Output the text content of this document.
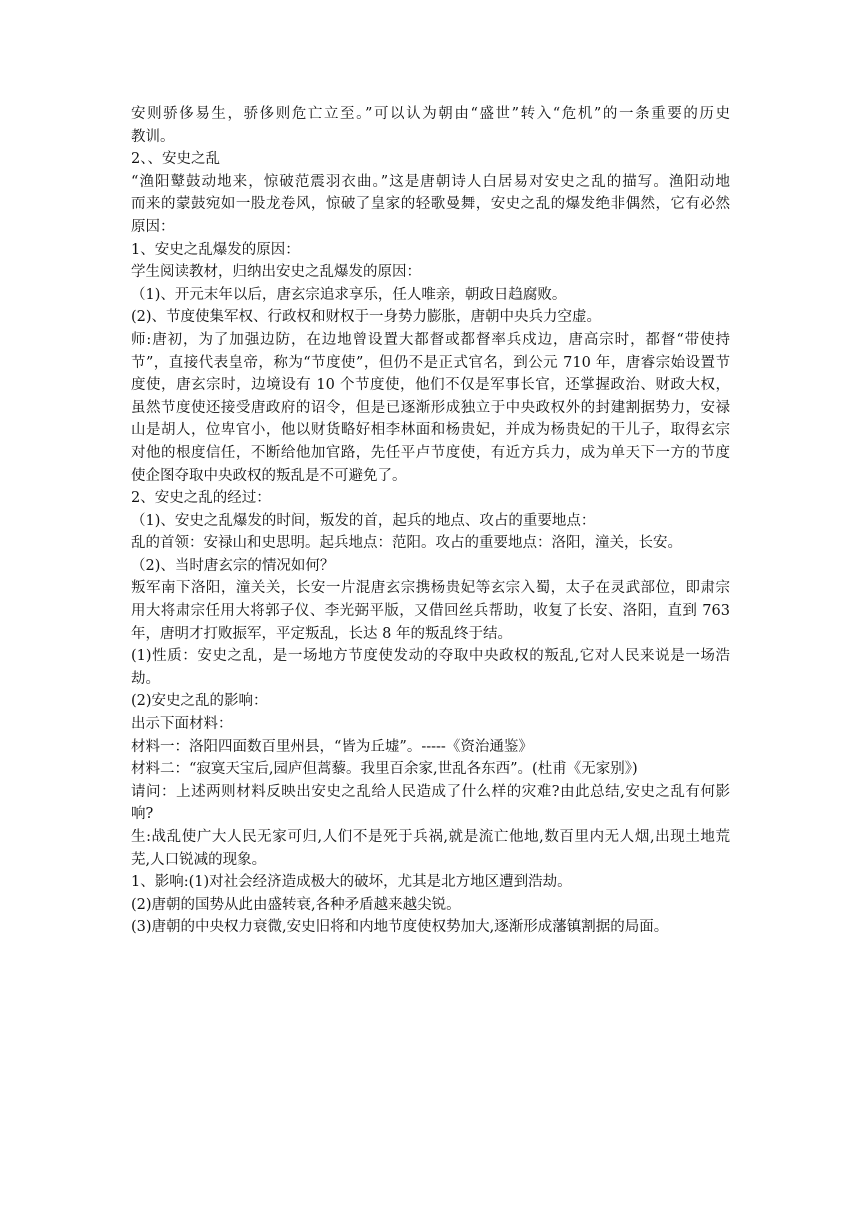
安则骄侈易生，骄侈则危亡立至。”可以认为朝由“盛世”转入“危机”的一条重要的历史
教训。
2、、安史之乱
“渔阳鼙鼓动地来，惊破范震羽衣曲。”这是唐朝诗人白居易对安史之乱的描写。渔阳动地
而来的蒙鼓宛如一股龙卷风，惊破了皇家的轻歌曼舞，安史之乱的爆发绝非偶然，它有必然
原因：
1、安史之乱爆发的原因：
学生阅读教材，归纳出安史之乱爆发的原因：
（1)、开元末年以后，唐玄宗追求享乐，任人唯亲，朝政日趋腐败。
(2)、节度使集军权、行政权和财权于一身势力膨胀，唐朝中央兵力空虚。
师:唐初，为了加强边防，在边地曾设置大都督或都督率兵戍边，唐高宗时，都督“带使持
节”，直接代表皇帝，称为“节度使”，但仍不是正式官名，到公元 710 年，唐睿宗始设置节
度使，唐玄宗时，边境设有 10 个节度使，他们不仅是军事长官，还掌握政治、财政大权，
虽然节度使还接受唐政府的诏令，但是已逐渐形成独立于中央政权外的封建割据势力，安禄
山是胡人，位卑官小，他以财货略好相李林面和杨贵妃，并成为杨贵妃的干儿子，取得玄宗
对他的根度信任，不断给他加官路，先任平卢节度使，有近方兵力，成为单天下一方的节度
使企图夺取中央政权的叛乱是不可避免了。
2、安史之乱的经过：
（1)、安史之乱爆发的时间，叛发的首，起兵的地点、攻占的重要地点：
乱的首领：安禄山和史思明。起兵地点：范阳。攻占的重要地点：洛阳，潼关，长安。
（2)、当时唐玄宗的情况如何？
叛军南下洛阳，潼关关，长安一片混唐玄宗携杨贵妃等玄宗入蜀，太子在灵武部位，即肃宗
用大将肃宗任用大将郭子仪、李光弼平版，又借回丝兵帮助，收复了长安、洛阳，直到 763
年，唐明才打败振军，平定叛乱，长达 8 年的叛乱终于结。
(1)性质：安史之乱，是一场地方节度使发动的夺取中央政权的叛乱,它对人民来说是一场浩
劫。
(2)安史之乱的影响：
出示下面材料：
材料一：洛阳四面数百里州县，“皆为丘墟”。-----《资治通鉴》
材料二：“寂寞天宝后,园庐但蒿藜。我里百余家,世乱各东西”。(杜甫《无家别》)
请问：上述两则材料反映出安史之乱给人民造成了什么样的灾难?由此总结,安史之乱有何影
响?
生:战乱使广大人民无家可归,人们不是死于兵祸,就是流亡他地,数百里内无人烟,出现土地荒
芜,人口锐减的现象。
1、影响:(1)对社会经济造成极大的破坏，尤其是北方地区遭到浩劫。
(2)唐朝的国势从此由盛转衰,各种矛盾越来越尖锐。
(3)唐朝的中央权力衰微,安史旧将和内地节度使权势加大,逐渐形成藩镇割据的局面。
